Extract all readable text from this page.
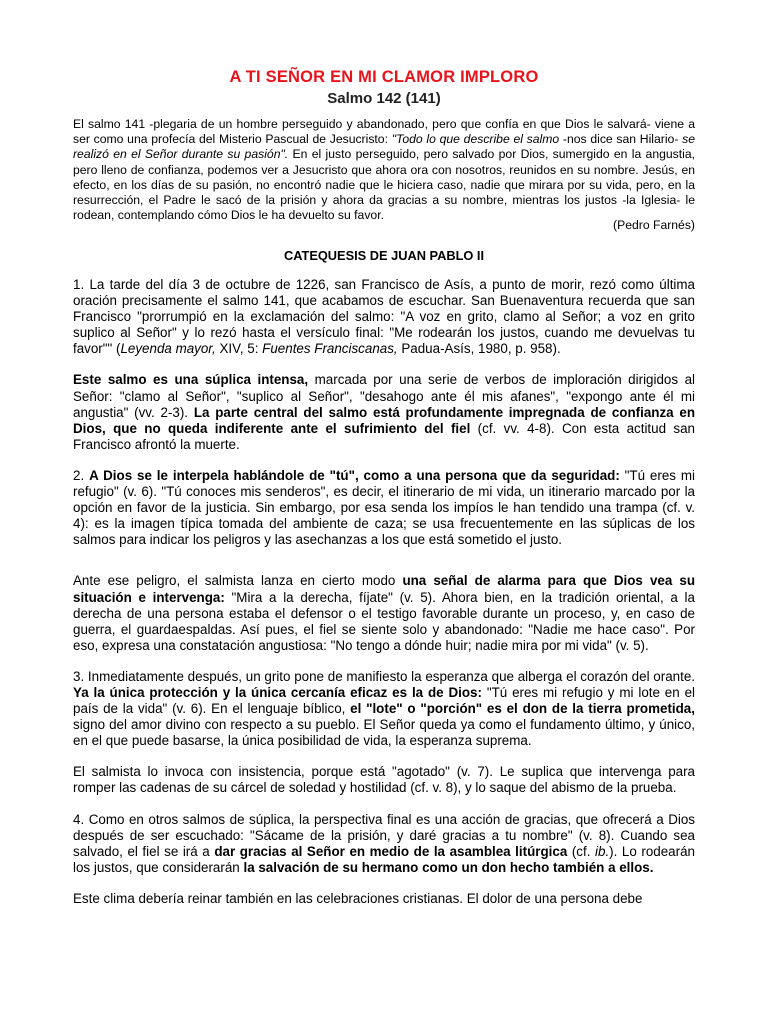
A TI SEÑOR EN MI CLAMOR IMPLORO
Salmo 142 (141)

El salmo 141 -plegaria de un hombre perseguido y abandonado, pero que confía en que Dios le salvará- viene a ser como una profecía del Misterio Pascual de Jesucristo: "Todo lo que describe el salmo -nos dice san Hilario- se realizó en el Señor durante su pasión". En el justo perseguido, pero salvado por Dios, sumergido en la angustia, pero lleno de confianza, podemos ver a Jesucristo que ahora ora con nosotros, reunidos en su nombre. Jesús, en efecto, en los días de su pasión, no encontró nadie que le hiciera caso, nadie que mirara por su vida, pero, en la resurrección, el Padre le sacó de la prisión y ahora da gracias a su nombre, mientras los justos -la Iglesia- le rodean, contemplando cómo Dios le ha devuelto su favor.

(Pedro Farnés)
CATEQUESIS DE JUAN PABLO II

1. La tarde del día 3 de octubre de 1226, san Francisco de Asís, a punto de morir, rezó como última oración precisamente el salmo 141, que acabamos de escuchar. San Buenaventura recuerda que san Francisco "prorrumpió en la exclamación del salmo: "A voz en grito, clamo al Señor; a voz en grito suplico al Señor" y lo rezó hasta el versículo final: "Me rodearán los justos, cuando me devuelvas tu favor"" (Leyenda mayor, XIV, 5: Fuentes Franciscanas, Padua-Asís, 1980, p. 958).

Este salmo es una súplica intensa, marcada por una serie de verbos de imploración dirigidos al Señor: "clamo al Señor", "suplico al Señor", "desahogo ante él mis afanes", "expongo ante él mi angustia" (vv. 2-3). La parte central del salmo está profundamente impregnada de confianza en Dios, que no queda indiferente ante el sufrimiento del fiel (cf. vv. 4-8). Con esta actitud san Francisco afrontó la muerte.

2. A Dios se le interpela hablándole de "tú", como a una persona que da seguridad: "Tú eres mi refugio" (v. 6). "Tú conoces mis senderos", es decir, el itinerario de mi vida, un itinerario marcado por la opción en favor de la justicia. Sin embargo, por esa senda los impíos le han tendido una trampa (cf. v. 4): es la imagen típica tomada del ambiente de caza; se usa frecuentemente en las súplicas de los salmos para indicar los peligros y las asechanzas a los que está sometido el justo.

Ante ese peligro, el salmista lanza en cierto modo una señal de alarma para que Dios vea su situación e intervenga: "Mira a la derecha, fíjate" (v. 5). Ahora bien, en la tradición oriental, a la derecha de una persona estaba el defensor o el testigo favorable durante un proceso, y, en caso de guerra, el guardaespaldas. Así pues, el fiel se siente solo y abandonado: "Nadie me hace caso". Por eso, expresa una constatación angustiosa: "No tengo a dónde huir; nadie mira por mi vida" (v. 5).

3. Inmediatamente después, un grito pone de manifiesto la esperanza que alberga el corazón del orante. Ya la única protección y la única cercanía eficaz es la de Dios: "Tú eres mi refugio y mi lote en el país de la vida" (v. 6). En el lenguaje bíblico, el "lote" o "porción" es el don de la tierra prometida, signo del amor divino con respecto a su pueblo. El Señor queda ya como el fundamento último, y único, en el que puede basarse, la única posibilidad de vida, la esperanza suprema.

El salmista lo invoca con insistencia, porque está "agotado" (v. 7). Le suplica que intervenga para romper las cadenas de su cárcel de soledad y hostilidad (cf. v. 8), y lo saque del abismo de la prueba.

4. Como en otros salmos de súplica, la perspectiva final es una acción de gracias, que ofrecerá a Dios después de ser escuchado: "Sácame de la prisión, y daré gracias a tu nombre" (v. 8). Cuando sea salvado, el fiel se irá a dar gracias al Señor en medio de la asamblea litúrgica (cf. ib.). Lo rodearán los justos, que considerarán la salvación de su hermano como un don hecho también a ellos.

Este clima debería reinar también en las celebraciones cristianas. El dolor de una persona debe
